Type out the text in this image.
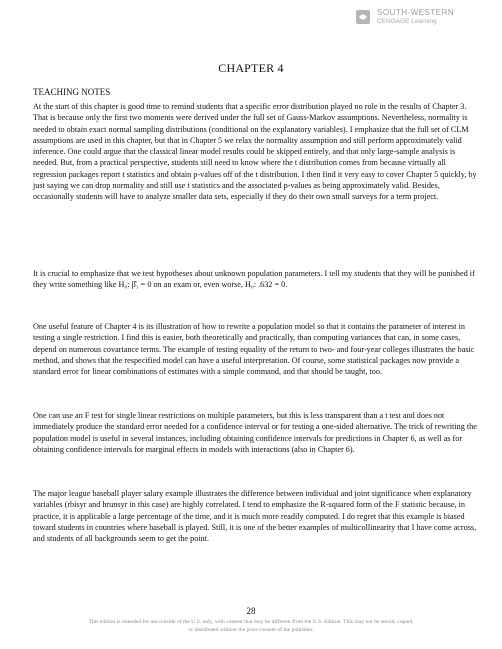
SOUTH-WESTERN
CENGAGE Learning
CHAPTER 4
TEACHING NOTES

At the start of this chapter is good time to remind students that a specific error distribution played no role in the results of Chapter 3. That is because only the first two moments were derived under the full set of Gauss-Markov assumptions. Nevertheless, normality is needed to obtain exact normal sampling distributions (conditional on the explanatory variables). I emphasize that the full set of CLM assumptions are used in this chapter, but that in Chapter 5 we relax the normality assumption and still perform approximately valid inference. One could argue that the classical linear model results could be skipped entirely, and that only large-sample analysis is needed. But, from a practical perspective, students still need to know where the t distribution comes from because virtually all regression packages report t statistics and obtain p-values off of the t distribution. I then find it very easy to cover Chapter 5 quickly, by just saying we can drop normality and still use t statistics and the associated p-values as being approximately valid. Besides, occasionally students will have to analyze smaller data sets, especially if they do their own small surveys for a term project.

It is crucial to emphasize that we test hypotheses about unknown population parameters. I tell my students that they will be punished if they write something like H₀: β̂₁ = 0 on an exam or, even worse, H₀: .632 = 0.

One useful feature of Chapter 4 is its illustration of how to rewrite a population model so that it contains the parameter of interest in testing a single restriction. I find this is easier, both theoretically and practically, than computing variances that can, in some cases, depend on numerous covariance terms. The example of testing equality of the return to two- and four-year colleges illustrates the basic method, and shows that the respecified model can have a useful interpretation. Of course, some statistical packages now provide a standard error for linear combinations of estimates with a simple command, and that should be taught, too.

One can use an F test for single linear restrictions on multiple parameters, but this is less transparent than a t test and does not immediately produce the standard error needed for a confidence interval or for testing a one-sided alternative. The trick of rewriting the population model is useful in several instances, including obtaining confidence intervals for predictions in Chapter 6, as well as for obtaining confidence intervals for marginal effects in models with interactions (also in Chapter 6).

The major league baseball player salary example illustrates the difference between individual and joint significance when explanatory variables (rbisyr and hrunsyr in this case) are highly correlated. I tend to emphasize the R-squared form of the F statistic because, in practice, it is applicable a large percentage of the time, and it is much more readily computed. I do regret that this example is biased toward students in countries where baseball is played. Still, it is one of the better examples of multicollinearity that I have come across, and students of all backgrounds seem to get the point.

28
This edition is intended for use outside of the U.S. only, with content that may be different from the U.S. Edition. This may not be resold, copied,
or distributed without the prior consent of the publisher.
